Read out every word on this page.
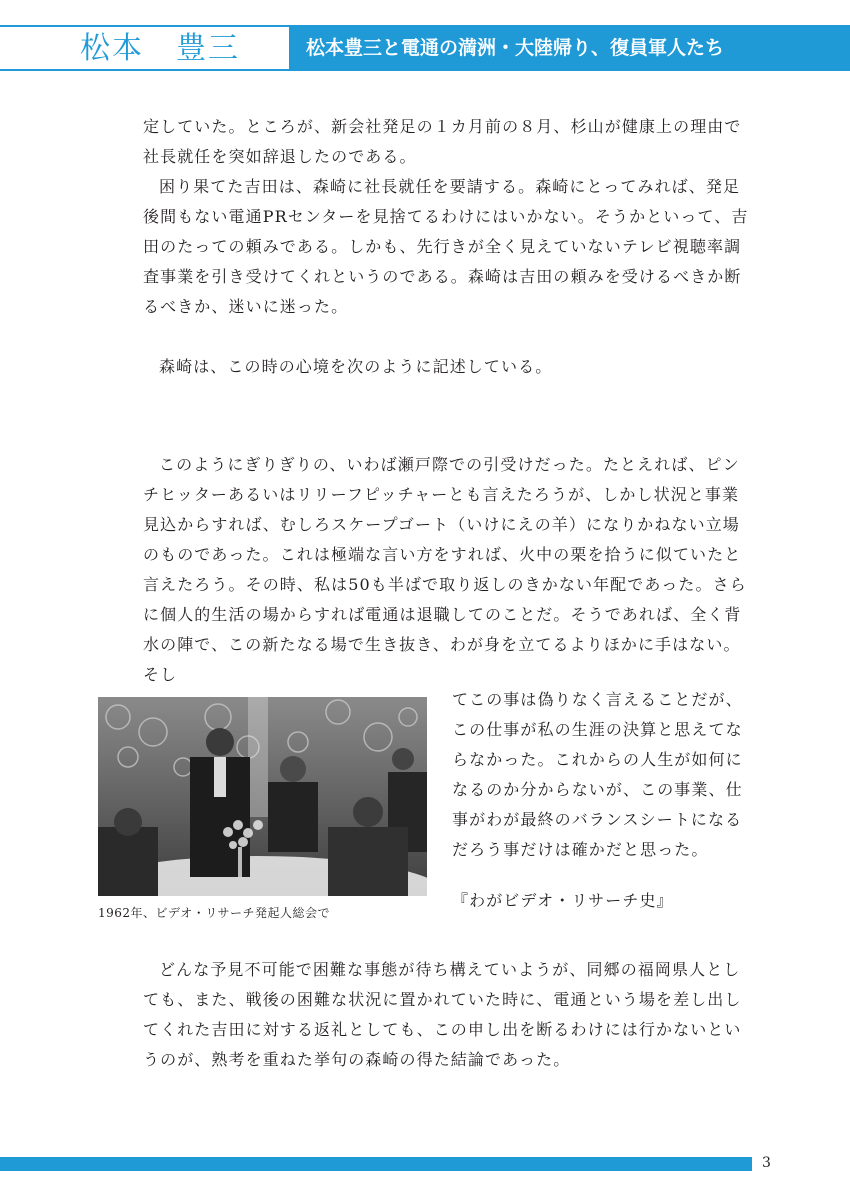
松本　豊三	松本豊三と電通の満洲・大陸帰り、復員軍人たち

定していた。ところが、新会社発足の１カ月前の８月、杉山が健康上の理由で社長就任を突如辞退したのである。

困り果てた吉田は、森崎に社長就任を要請する。森崎にとってみれば、発足後間もない電通PRセンターを見捨てるわけにはいかない。そうかといって、吉田のたっての頼みである。しかも、先行きが全く見えていないテレビ視聴率調査事業を引き受けてくれというのである。森崎は吉田の頼みを受けるべきか断るべきか、迷いに迷った。

森崎は、この時の心境を次のように記述している。

このようにぎりぎりの、いわば瀬戸際での引受けだった。たとえれば、ピンチヒッターあるいはリリーフピッチャーとも言えたろうが、しかし状況と事業見込からすれば、むしろスケープゴート（いけにえの羊）になりかねない立場のものであった。これは極端な言い方をすれば、火中の栗を拾うに似ていたと言えたろう。その時、私は50も半ばで取り返しのきかない年配であった。さらに個人的生活の場からすれば電通は退職してのことだ。そうであれば、全く背水の陣で、この新たなる場で生き抜き、わが身を立てるよりほかに手はない。そし

1962年、ビデオ・リサーチ発起人総会で
てこの事は偽りなく言えることだが、この仕事が私の生涯の決算と思えてならなかった。これからの人生が如何になるのか分からないが、この事業、仕事がわが最終のバランスシートになるだろう事だけは確かだと思った。
『わがビデオ・リサーチ史』

どんな予見不可能で困難な事態が待ち構えていようが、同郷の福岡県人としても、また、戦後の困難な状況に置かれていた時に、電通という場を差し出してくれた吉田に対する返礼としても、この申し出を断るわけには行かないというのが、熟考を重ねた挙句の森崎の得た結論であった。

3
